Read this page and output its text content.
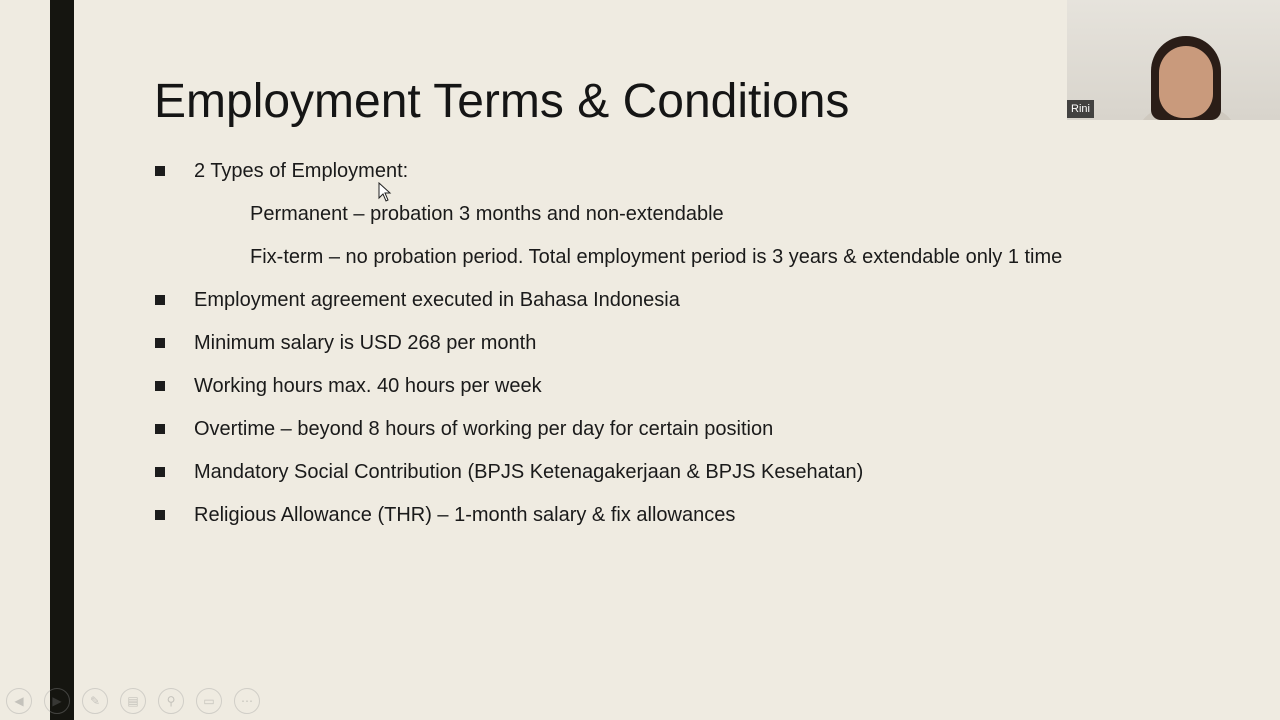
Employment Terms & Conditions
2 Types of Employment:
Permanent – probation 3 months and non-extendable
Fix-term – no probation period. Total employment period is 3 years & extendable only 1 time
Employment agreement executed in Bahasa Indonesia
Minimum salary is USD 268 per month
Working hours max. 40 hours per week
Overtime – beyond 8 hours of working per day for certain position
Mandatory Social Contribution (BPJS Ketenagakerjaan & BPJS Kesehatan)
Religious Allowance (THR) – 1-month salary & fix allowances
Rini
◀	▶	✎	▤	⚲	▭	⋯
